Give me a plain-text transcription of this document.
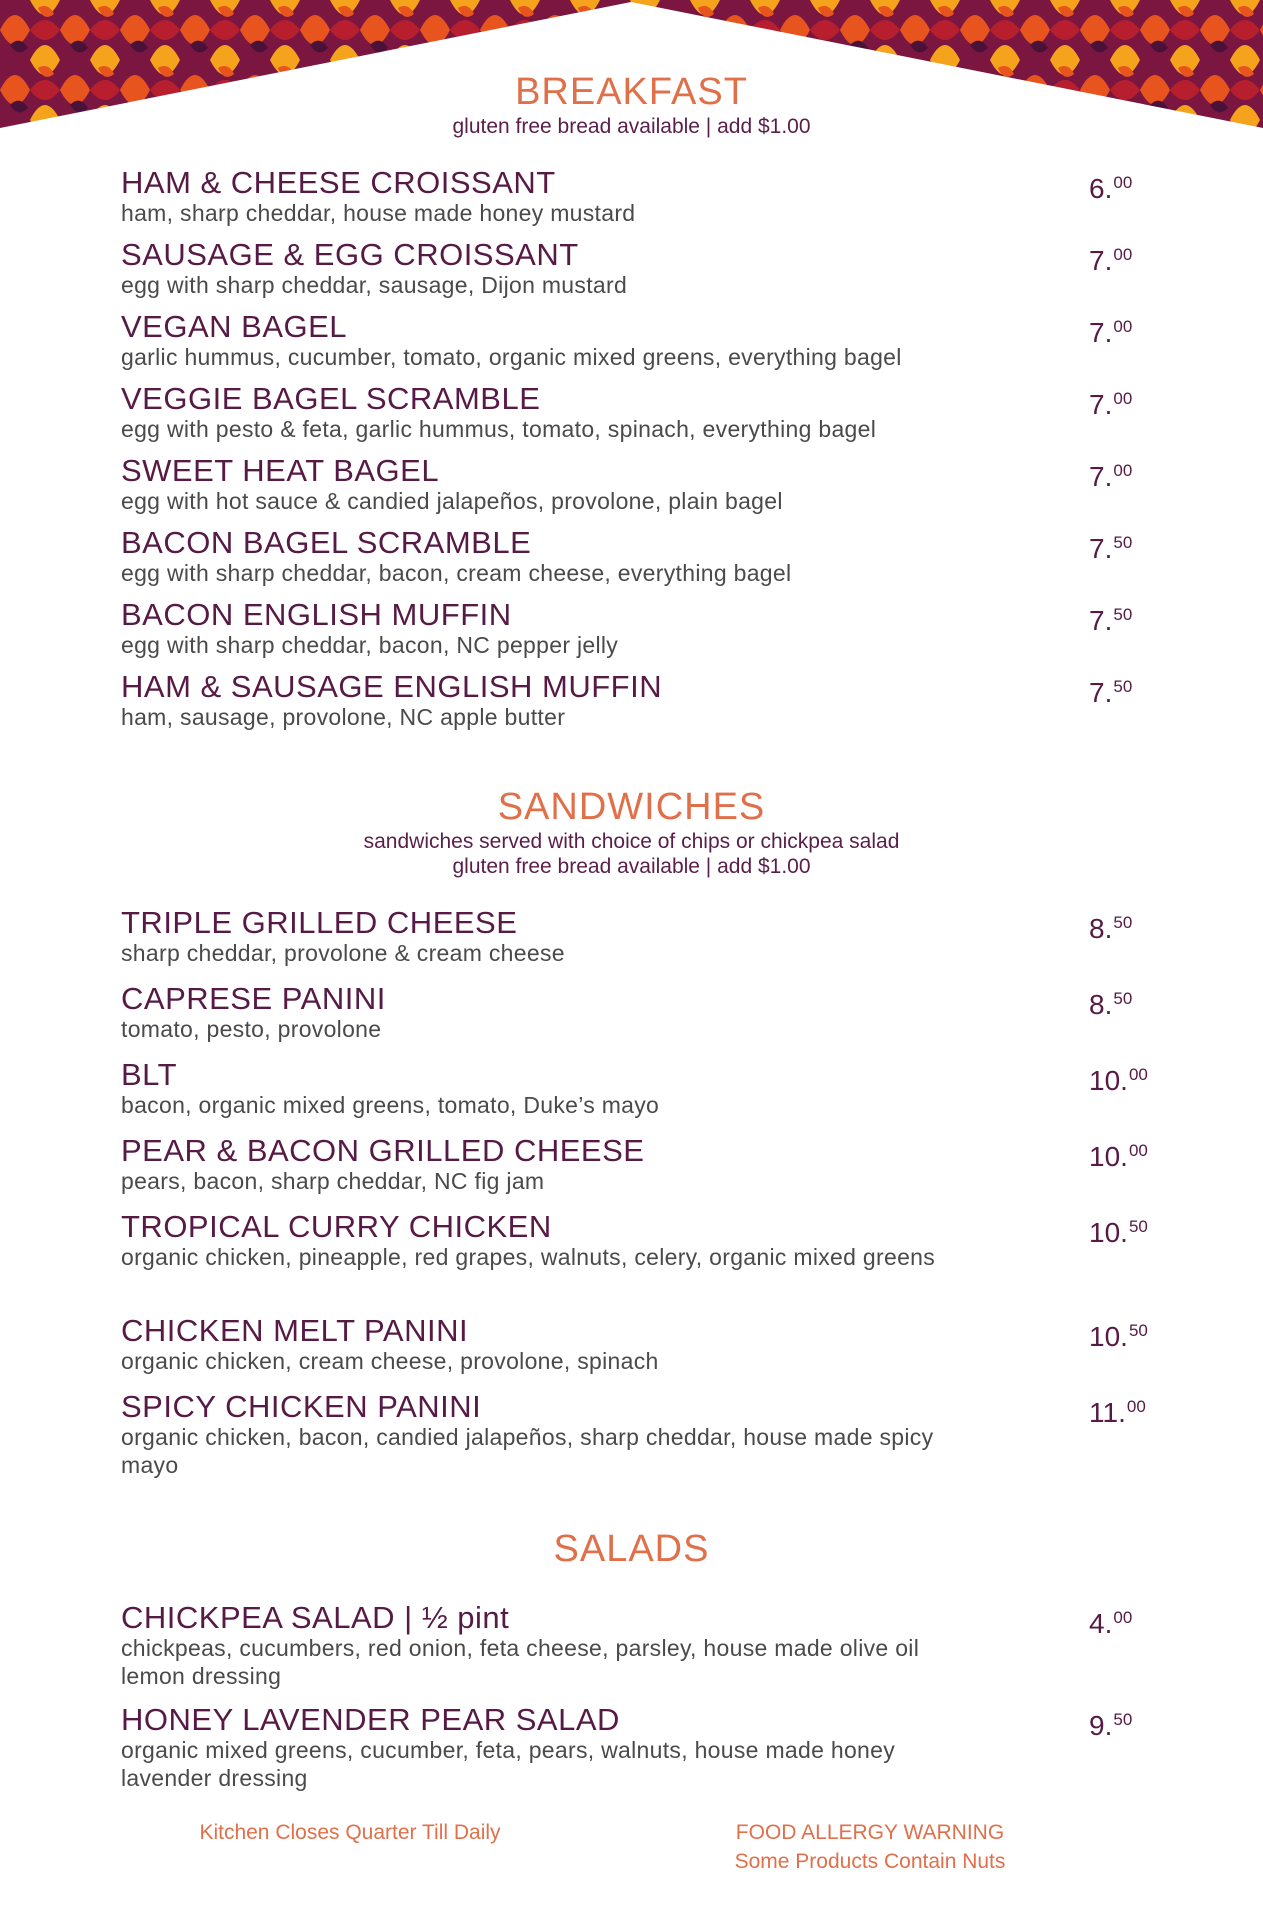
BREAKFAST

gluten free bread available | add $1.00

HAM & CHEESE CROISSANT
ham, sharp cheddar, house made honey mustard
6.00
SAUSAGE & EGG CROISSANT
egg with sharp cheddar, sausage, Dijon mustard
7.00
VEGAN BAGEL
garlic hummus, cucumber, tomato, organic mixed greens, everything bagel
7.00
VEGGIE BAGEL SCRAMBLE
egg with pesto & feta, garlic hummus, tomato, spinach, everything bagel
7.00
SWEET HEAT BAGEL
egg with hot sauce & candied jalapeños, provolone, plain bagel
7.00
BACON BAGEL SCRAMBLE
egg with sharp cheddar, bacon, cream cheese, everything bagel
7.50
BACON ENGLISH MUFFIN
egg with sharp cheddar, bacon, NC pepper jelly
7.50
HAM & SAUSAGE ENGLISH MUFFIN
ham, sausage, provolone, NC apple butter
7.50
SANDWICHES

sandwiches served with choice of chips or chickpea salad

gluten free bread available | add $1.00

TRIPLE GRILLED CHEESE
sharp cheddar, provolone & cream cheese
8.50
CAPRESE PANINI
tomato, pesto, provolone
8.50
BLT
bacon, organic mixed greens, tomato, Duke’s mayo
10.00
PEAR & BACON GRILLED CHEESE
pears, bacon, sharp cheddar, NC fig jam
10.00
TROPICAL CURRY CHICKEN
organic chicken, pineapple, red grapes, walnuts, celery, organic mixed greens
10.50
CHICKEN MELT PANINI
organic chicken, cream cheese, provolone, spinach
10.50
SPICY CHICKEN PANINI
organic chicken, bacon, candied jalapeños, sharp cheddar, house made spicy mayo
11.00
SALADS
CHICKPEA SALAD | ½ pint
chickpeas, cucumbers, red onion, feta cheese, parsley, house made olive oil lemon dressing
4.00
HONEY LAVENDER PEAR SALAD
organic mixed greens, cucumber, feta, pears, walnuts, house made honey lavender dressing
9.50
Kitchen Closes Quarter Till Daily	FOOD ALLERGY WARNING
Some Products Contain Nuts
